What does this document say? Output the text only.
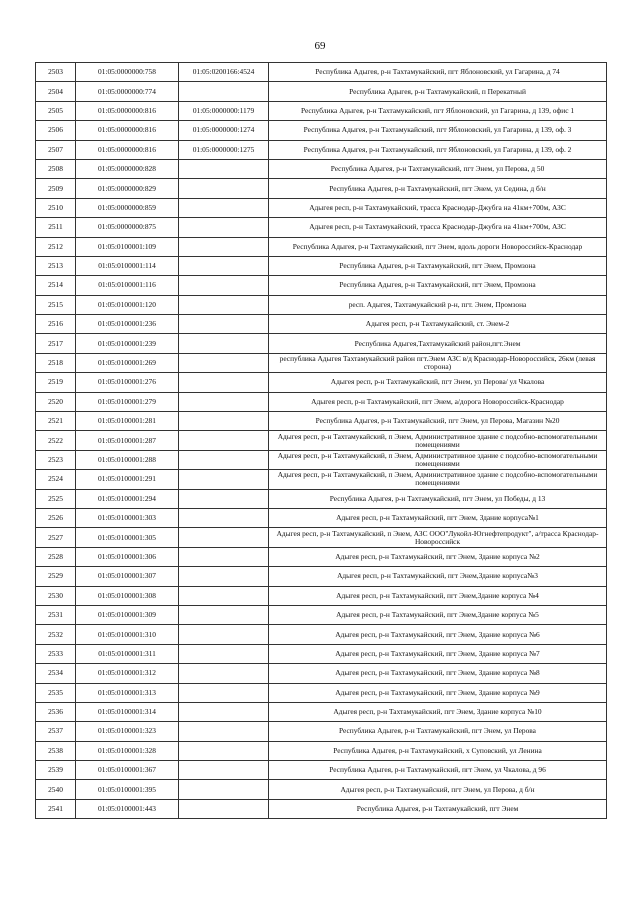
69
2503	01:05:0000000:758	01:05:0200166:4524	Республика Адыгея, р-н Тахтамукайский, пгт Яблоновский, ул Гагарина, д 74
2504	01:05:0000000:774		Республика Адыгея, р-н Тахтамукайский, п Перекатный
2505	01:05:0000000:816	01:05:0000000:1179	Республика Адыгея, р-н Тахтамукайский, пгт Яблоновский, ул Гагарина, д 139, офис 1
2506	01:05:0000000:816	01:05:0000000:1274	Республика Адыгея, р-н Тахтамукайский, пгт Яблоновский, ул Гагарина, д 139, оф. 3
2507	01:05:0000000:816	01:05:0000000:1275	Республика Адыгея, р-н Тахтамукайский, пгт Яблоновский, ул Гагарина, д 139, оф. 2
2508	01:05:0000000:828		Республика Адыгея, р-н Тахтамукайский, пгт Энем, ул Перова, д 50
2509	01:05:0000000:829		Республика Адыгея, р-н Тахтамукайский, пгт Энем, ул Седина, д б/н
2510	01:05:0000000:859		Адыгея респ, р-н Тахтамукайский, трасса Краснодар-Джубга на 41км+700м, АЗС
2511	01:05:0000000:875		Адыгея респ, р-н Тахтамукайский, трасса Краснодар-Джубга на 41км+700м, АЗС
2512	01:05:0100001:109		Республика Адыгея, р-н Тахтамукайский, пгт Энем, вдоль дороги Новороссийск-Краснодар
2513	01:05:0100001:114		Республика Адыгея, р-н Тахтамукайский, пгт Энем, Промзона
2514	01:05:0100001:116		Республика Адыгея, р-н Тахтамукайский, пгт Энем, Промзона
2515	01:05:0100001:120		респ. Адыгея, Тахтамукайский р-н, пгт. Энем, Промзона
2516	01:05:0100001:236		Адыгея респ, р-н Тахтамукайский, ст. Энем-2
2517	01:05:0100001:239		Республика Адыгея,Тахтамукайский район,пгт.Энем
2518	01:05:0100001:269		республика Адыгея Тахтамукайский район пгт.Энем АЗС в/д Краснодар-Новороссийск, 26км (левая сторона)
2519	01:05:0100001:276		Адыгея респ, р-н Тахтамукайский, пгт Энем, ул Перова/ ул Чкалова
2520	01:05:0100001:279		Адыгея респ, р-н Тахтамукайский, пгт Энем, а/дорога Новороссийск-Краснодар
2521	01:05:0100001:281		Республика Адыгея, р-н Тахтамукайский, пгт Энем, ул Перова, Магазин №20
2522	01:05:0100001:287		Адыгея респ, р-н Тахтамукайский, п Энем, Административное здание с подсобно-вспомогательными помещениями
2523	01:05:0100001:288		Адыгея респ, р-н Тахтамукайский, п Энем, Административное здание с подсобно-вспомогательными помещениями
2524	01:05:0100001:291		Адыгея респ, р-н Тахтамукайский, п Энем, Административное здание с подсобно-вспомогательными помещениями
2525	01:05:0100001:294		Республика Адыгея, р-н Тахтамукайский, пгт Энем, ул Победы, д 13
2526	01:05:0100001:303		Адыгея респ, р-н Тахтамукайский, пгт Энем, Здание корпуса№1
2527	01:05:0100001:305		Адыгея респ, р-н Тахтамукайский, п Энем, АЗС ООО"Лукойл-Югнефтепродукт", а/трасса Краснодар-Новороссийск
2528	01:05:0100001:306		Адыгея респ, р-н Тахтамукайский, пгт Энем, Здание корпуса №2
2529	01:05:0100001:307		Адыгея респ, р-н Тахтамукайский, пгт Энем,Здание корпуса№3
2530	01:05:0100001:308		Адыгея респ, р-н Тахтамукайский, пгт Энем,Здание корпуса №4
2531	01:05:0100001:309		Адыгея респ, р-н Тахтамукайский, пгт Энем,Здание корпуса №5
2532	01:05:0100001:310		Адыгея респ, р-н Тахтамукайский, пгт Энем, Здание корпуса №6
2533	01:05:0100001:311		Адыгея респ, р-н Тахтамукайский, пгт Энем, Здание корпуса №7
2534	01:05:0100001:312		Адыгея респ, р-н Тахтамукайский, пгт Энем, Здание корпуса №8
2535	01:05:0100001:313		Адыгея респ, р-н Тахтамукайский, пгт Энем, Здание корпуса №9
2536	01:05:0100001:314		Адыгея респ, р-н Тахтамукайский, пгт Энем, Здание корпуса №10
2537	01:05:0100001:323		Республика Адыгея, р-н Тахтамукайский, пгт Энем, ул Перова
2538	01:05:0100001:328		Республика Адыгея, р-н Тахтамукайский, х Суповский, ул Ленина
2539	01:05:0100001:367		Республика Адыгея, р-н Тахтамукайский, пгт Энем, ул Чкалова, д 96
2540	01:05:0100001:395		Адыгея респ, р-н Тахтамукайский, пгт Энем, ул Перова, д б/н
2541	01:05:0100001:443		Республика Адыгея, р-н Тахтамукайский, пгт Энем
